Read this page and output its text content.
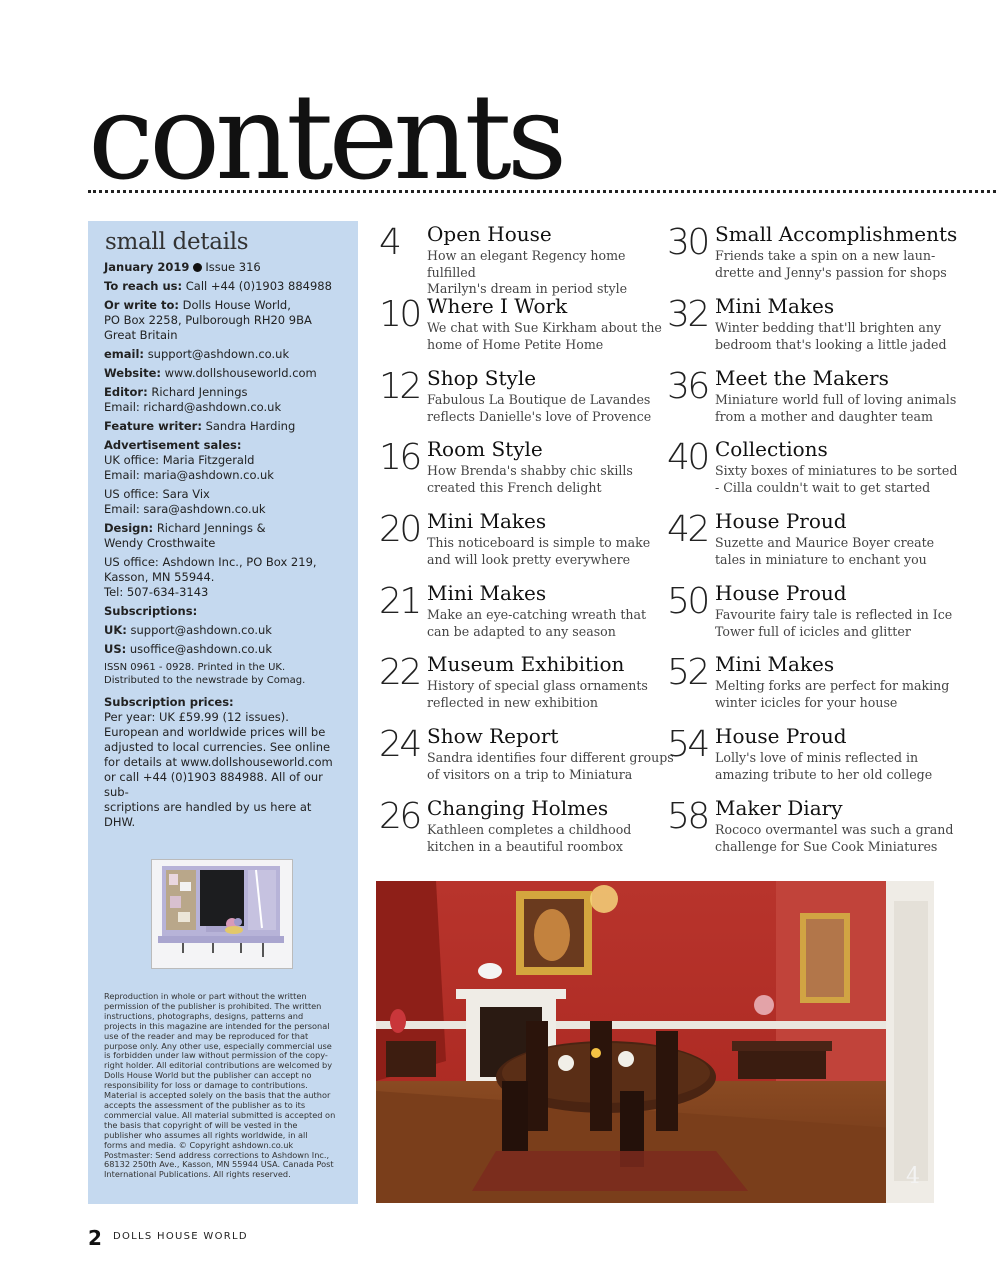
contents
small details
January 2019 Issue 316
To reach us: Call +44 (0)1903 884988
Or write to: Dolls House World,
PO Box 2258, Pulborough RH20 9BA
Great Britain
email: support@ashdown.co.uk
Website: www.dollshouseworld.com
Editor: Richard Jennings
Email: richard@ashdown.co.uk
Feature writer: Sandra Harding
Advertisement sales:
UK office: Maria Fitzgerald
Email: maria@ashdown.co.uk
US office: Sara Vix
Email: sara@ashdown.co.uk
Design: Richard Jennings &
Wendy Crosthwaite
US office: Ashdown Inc., PO Box 219,
Kasson, MN 55944.
Tel: 507-634-3143
Subscriptions:
UK: support@ashdown.co.uk
US: usoffice@ashdown.co.uk
ISSN 0961 - 0928. Printed in the UK.
Distributed to the newstrade by Comag.
Subscription prices:
Per year: UK £59.99 (12 issues).
European and worldwide prices will be
adjusted to local currencies. See online
for details at www.dollshouseworld.com
or call +44 (0)1903 884988. All of our sub-
scriptions are handled by us here at DHW.
Reproduction in whole or part without the written
permission of the publisher is prohibited. The written
instructions, photographs, designs, patterns and
projects in this magazine are intended for the personal
use of the reader and may be reproduced for that
purpose only. Any other use, especially commercial use
is forbidden under law without permission of the copy-
right holder. All editorial contributions are welcomed by
Dolls House World but the publisher can accept no
responsibility for loss or damage to contributions.
Material is accepted solely on the basis that the author
accepts the assessment of the publisher as to its
commercial value. All material submitted is accepted on
the basis that copyright of will be vested in the
publisher who assumes all rights worldwide, in all
forms and media. © Copyright ashdown.co.uk
Postmaster: Send address corrections to Ashdown Inc.,
68132 250th Ave., Kasson, MN 55944 USA. Canada Post
International Publications. All rights reserved.
4 Open House
How an elegant Regency home fulfilled
Marilyn's dream in period style
10 Where I Work
We chat with Sue Kirkham about the
home of Home Petite Home
12 Shop Style
Fabulous La Boutique de Lavandes
reflects Danielle's love of Provence
16 Room Style
How Brenda's shabby chic skills
created this French delight
20 Mini Makes
This noticeboard is simple to make
and will look pretty everywhere
21 Mini Makes
Make an eye-catching wreath that
can be adapted to any season
22 Museum Exhibition
History of special glass ornaments
reflected in new exhibition
24 Show Report
Sandra identifies four different groups
of visitors on a trip to Miniatura
26 Changing Holmes
Kathleen completes a childhood
kitchen in a beautiful roombox
30 Small Accomplishments
Friends take a spin on a new laun-
drette and Jenny's passion for shops
32 Mini Makes
Winter bedding that'll brighten any
bedroom that's looking a little jaded
36 Meet the Makers
Miniature world full of loving animals
from a mother and daughter team
40 Collections
Sixty boxes of miniatures to be sorted
- Cilla couldn't wait to get started
42 House Proud
Suzette and Maurice Boyer create
tales in miniature to enchant you
50 House Proud
Favourite fairy tale is reflected in Ice
Tower full of icicles and glitter
52 Mini Makes
Melting forks are perfect for making
winter icicles for your house
54 House Proud
Lolly's love of minis reflected in
amazing tribute to her old college
58 Maker Diary
Rococo overmantel was such a grand
challenge for Sue Cook Miniatures
4
2 DOLLS HOUSE WORLD
